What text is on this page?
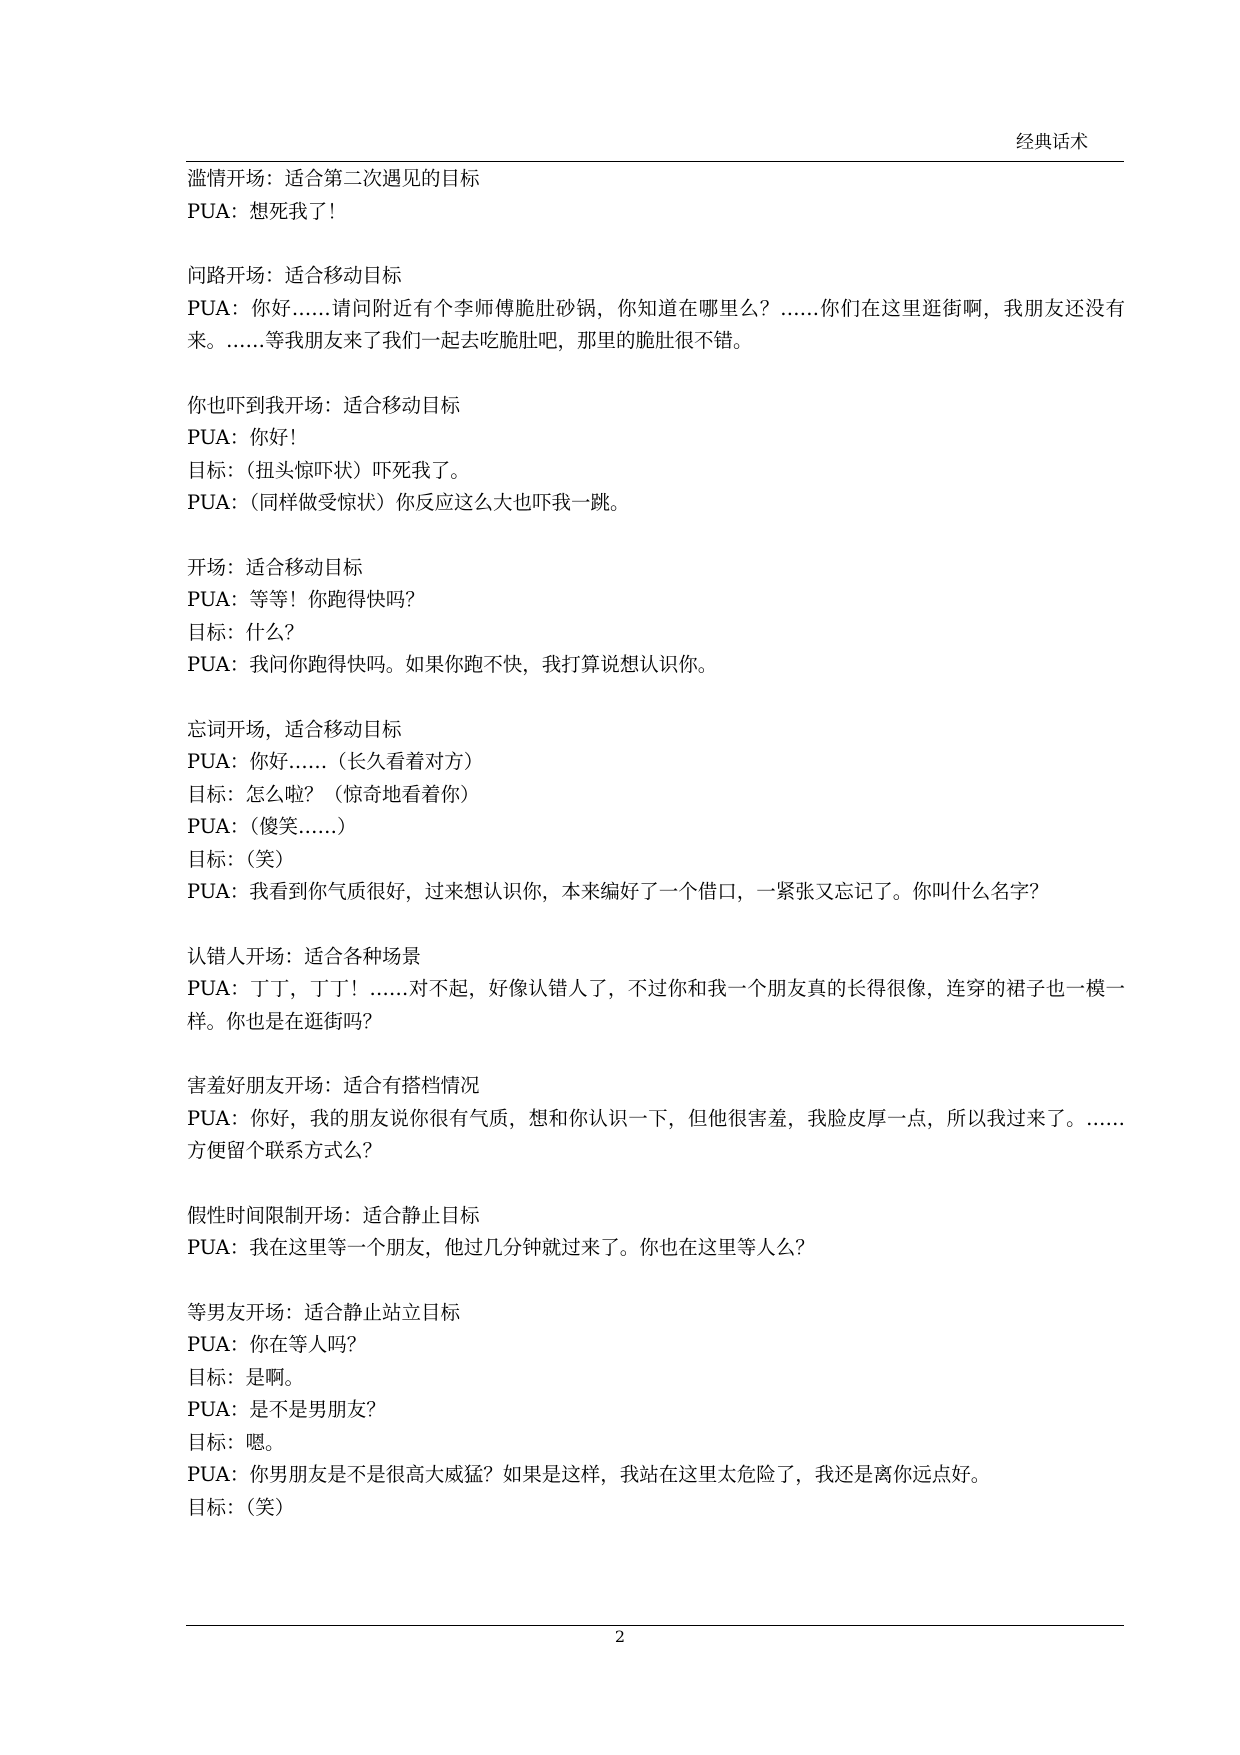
经典话术
滥情开场：适合第二次遇见的目标
PUA：想死我了！
问路开场：适合移动目标
PUA：你好……请问附近有个李师傅脆肚砂锅，你知道在哪里么？……你们在这里逛街啊，我朋友还没有来。……等我朋友来了我们一起去吃脆肚吧，那里的脆肚很不错。
你也吓到我开场：适合移动目标
PUA：你好！
目标：（扭头惊吓状）吓死我了。
PUA：（同样做受惊状）你反应这么大也吓我一跳。
开场：适合移动目标
PUA：等等！你跑得快吗？
目标：什么？
PUA：我问你跑得快吗。如果你跑不快，我打算说想认识你。
忘词开场，适合移动目标
PUA：你好……（长久看着对方）
目标：怎么啦？（惊奇地看着你）
PUA：（傻笑……）
目标：（笑）
PUA：我看到你气质很好，过来想认识你，本来编好了一个借口，一紧张又忘记了。你叫什么名字？
认错人开场：适合各种场景
PUA：丁丁，丁丁！……对不起，好像认错人了，不过你和我一个朋友真的长得很像，连穿的裙子也一模一样。你也是在逛街吗？
害羞好朋友开场：适合有搭档情况
PUA：你好，我的朋友说你很有气质，想和你认识一下，但他很害羞，我脸皮厚一点，所以我过来了。……方便留个联系方式么？
假性时间限制开场：适合静止目标
PUA：我在这里等一个朋友，他过几分钟就过来了。你也在这里等人么？
等男友开场：适合静止站立目标
PUA：你在等人吗？
目标：是啊。
PUA：是不是男朋友？
目标：嗯。
PUA：你男朋友是不是很高大威猛？如果是这样，我站在这里太危险了，我还是离你远点好。
目标：（笑）
2
